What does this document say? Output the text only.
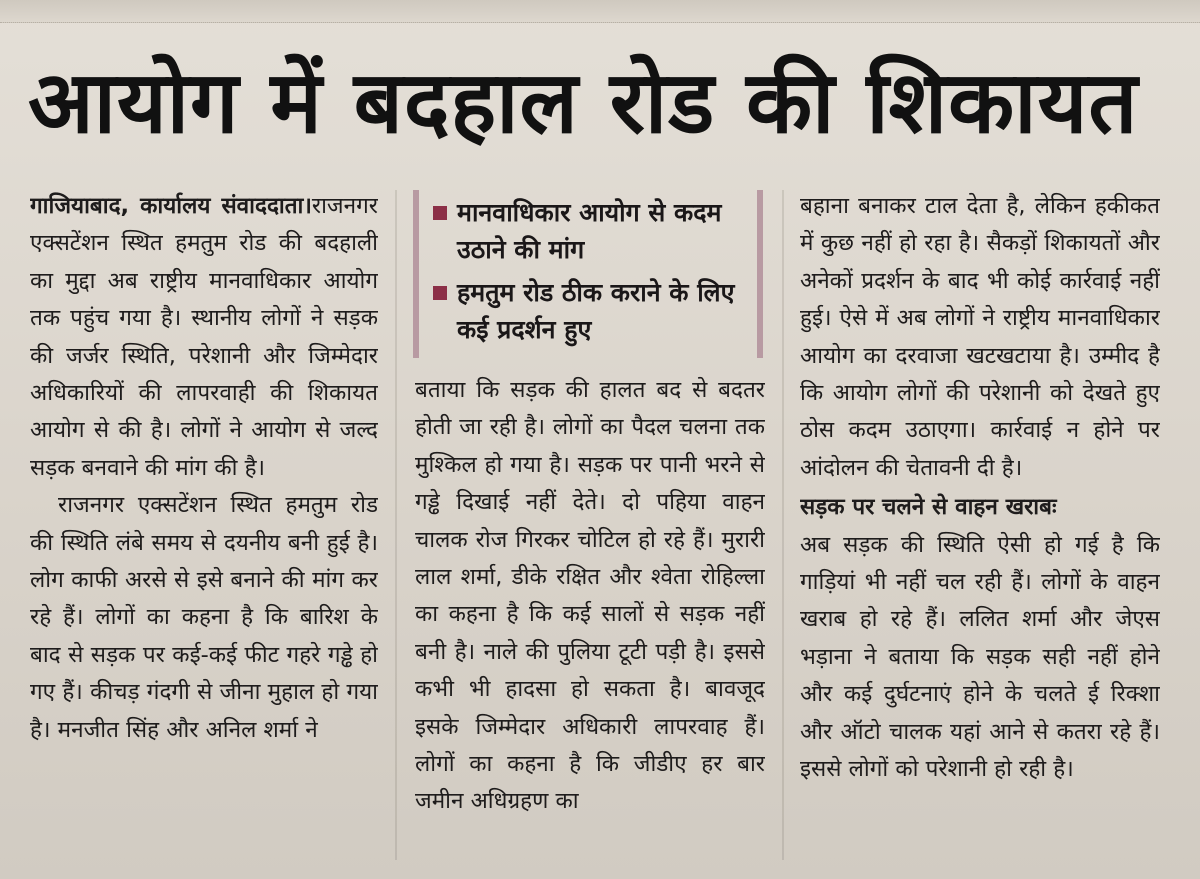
आयोग में बदहाल रोड की शिकायत

गाजियाबाद, कार्यालय संवाददाता।राजनगर एक्सटेंशन स्थित हमतुम रोड की बदहाली का मुद्दा अब राष्ट्रीय मानवाधिकार आयोग तक पहुंच गया है। स्थानीय लोगों ने सड़क की जर्जर स्थिति, परेशानी और जिम्मेदार अधिकारियों की लापरवाही की शिकायत आयोग से की है। लोगों ने आयोग से जल्द सड़क बनवाने की मांग की है।

राजनगर एक्सटेंशन स्थित हमतुम रोड की स्थिति लंबे समय से दयनीय बनी हुई है। लोग काफी अरसे से इसे बनाने की मांग कर रहे हैं। लोगों का कहना है कि बारिश के बाद से सड़क पर कई-कई फीट गहरे गड्ढे हो गए हैं। कीचड़ गंदगी से जीना मुहाल हो गया है। मनजीत सिंह और अनिल शर्मा ने

मानवाधिकार आयोग से कदम उठाने की मांग
हमतुम रोड ठीक कराने के लिए कई प्रदर्शन हुए

बताया कि सड़क की हालत बद से बदतर होती जा रही है। लोगों का पैदल चलना तक मुश्किल हो गया है। सड़क पर पानी भरने से गड्ढे दिखाई नहीं देते। दो पहिया वाहन चालक रोज गिरकर चोटिल हो रहे हैं। मुरारी लाल शर्मा, डीके रक्षित और श्वेता रोहिल्ला का कहना है कि कई सालों से सड़क नहीं बनी है। नाले की पुलिया टूटी पड़ी है। इससे कभी भी हादसा हो सकता है। बावजूद इसके जिम्मेदार अधिकारी लापरवाह हैं। लोगों का कहना है कि जीडीए हर बार जमीन अधिग्रहण का

बहाना बनाकर टाल देता है, लेकिन हकीकत में कुछ नहीं हो रहा है। सैकड़ों शिकायतों और अनेकों प्रदर्शन के बाद भी कोई कार्रवाई नहीं हुई। ऐसे में अब लोगों ने राष्ट्रीय मानवाधिकार आयोग का दरवाजा खटखटाया है। उम्मीद है कि आयोग लोगों की परेशानी को देखते हुए ठोस कदम उठाएगा। कार्रवाई न होने पर आंदोलन की चेतावनी दी है।

सड़क पर चलने से वाहन खराबः

अब सड़क की स्थिति ऐसी हो गई है कि गाड़ियां भी नहीं चल रही हैं। लोगों के वाहन खराब हो रहे हैं। ललित शर्मा और जेएस भड़ाना ने बताया कि सड़क सही नहीं होने और कई दुर्घटनाएं होने के चलते ई रिक्शा और ऑटो चालक यहां आने से कतरा रहे हैं। इससे लोगों को परेशानी हो रही है।
